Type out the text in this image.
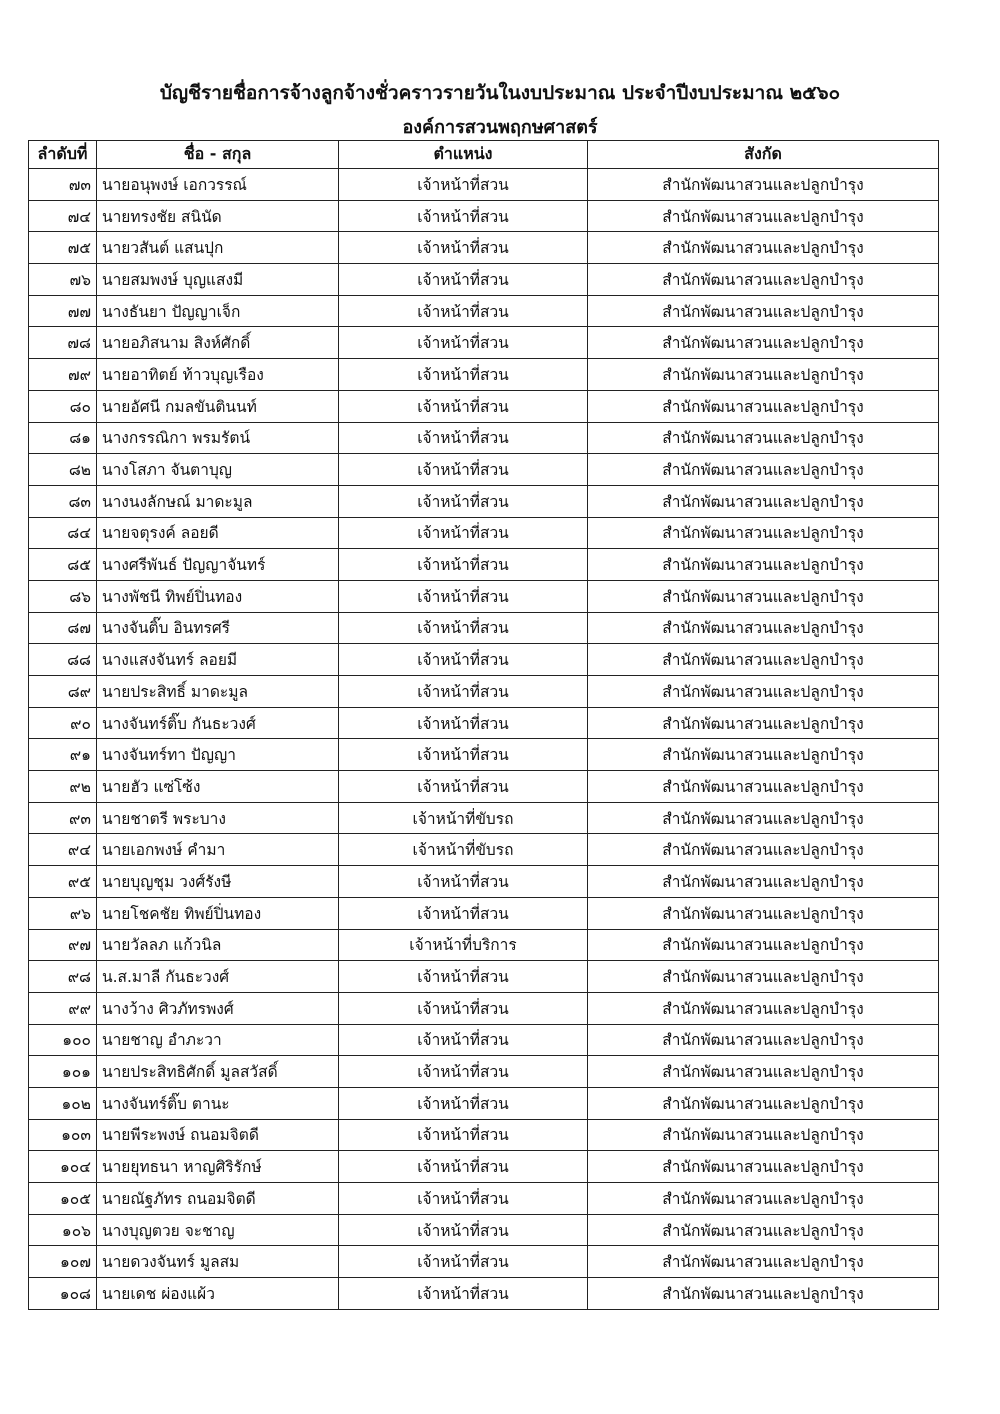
บัญชีรายชื่อการจ้างลูกจ้างชั่วคราวรายวันในงบประมาณ ประจำปีงบประมาณ ๒๕๖๐
องค์การสวนพฤกษศาสตร์
ลำดับที่	ชื่อ - สกุล	ตำแหน่ง	สังกัด
๗๓	นายอนุพงษ์ เอกวรรณ์	เจ้าหน้าที่สวน	สำนักพัฒนาสวนและปลูกบำรุง
๗๔	นายทรงชัย สนินัด	เจ้าหน้าที่สวน	สำนักพัฒนาสวนและปลูกบำรุง
๗๕	นายวสันต์ แสนปุก	เจ้าหน้าที่สวน	สำนักพัฒนาสวนและปลูกบำรุง
๗๖	นายสมพงษ์ บุญแสงมี	เจ้าหน้าที่สวน	สำนักพัฒนาสวนและปลูกบำรุง
๗๗	นางธันยา ปัญญาเจ็ก	เจ้าหน้าที่สวน	สำนักพัฒนาสวนและปลูกบำรุง
๗๘	นายอภิสนาม สิงห์ศักดิ์	เจ้าหน้าที่สวน	สำนักพัฒนาสวนและปลูกบำรุง
๗๙	นายอาทิตย์ ท้าวบุญเรือง	เจ้าหน้าที่สวน	สำนักพัฒนาสวนและปลูกบำรุง
๘๐	นายอัศนี กมลขันตินนท์	เจ้าหน้าที่สวน	สำนักพัฒนาสวนและปลูกบำรุง
๘๑	นางกรรณิกา พรมรัตน์	เจ้าหน้าที่สวน	สำนักพัฒนาสวนและปลูกบำรุง
๘๒	นางโสภา จันตาบุญ	เจ้าหน้าที่สวน	สำนักพัฒนาสวนและปลูกบำรุง
๘๓	นางนงลักษณ์ มาดะมูล	เจ้าหน้าที่สวน	สำนักพัฒนาสวนและปลูกบำรุง
๘๔	นายจตุรงค์ ลอยดี	เจ้าหน้าที่สวน	สำนักพัฒนาสวนและปลูกบำรุง
๘๕	นางศรีพันธ์ ปัญญาจันทร์	เจ้าหน้าที่สวน	สำนักพัฒนาสวนและปลูกบำรุง
๘๖	นางพัชนี ทิพย์ปิ่นทอง	เจ้าหน้าที่สวน	สำนักพัฒนาสวนและปลูกบำรุง
๘๗	นางจันติ๊บ อินทรศรี	เจ้าหน้าที่สวน	สำนักพัฒนาสวนและปลูกบำรุง
๘๘	นางแสงจันทร์ ลอยมี	เจ้าหน้าที่สวน	สำนักพัฒนาสวนและปลูกบำรุง
๘๙	นายประสิทธิ์ มาดะมูล	เจ้าหน้าที่สวน	สำนักพัฒนาสวนและปลูกบำรุง
๙๐	นางจันทร์ติ๊บ กันธะวงศ์	เจ้าหน้าที่สวน	สำนักพัฒนาสวนและปลูกบำรุง
๙๑	นางจันทร์ทา ปัญญา	เจ้าหน้าที่สวน	สำนักพัฒนาสวนและปลูกบำรุง
๙๒	นายฮัว แซ่โซ้ง	เจ้าหน้าที่สวน	สำนักพัฒนาสวนและปลูกบำรุง
๙๓	นายชาตรี พระบาง	เจ้าหน้าที่ขับรถ	สำนักพัฒนาสวนและปลูกบำรุง
๙๔	นายเอกพงษ์ คำมา	เจ้าหน้าที่ขับรถ	สำนักพัฒนาสวนและปลูกบำรุง
๙๕	นายบุญชุม วงศ์รังษี	เจ้าหน้าที่สวน	สำนักพัฒนาสวนและปลูกบำรุง
๙๖	นายโชคชัย ทิพย์ปิ่นทอง	เจ้าหน้าที่สวน	สำนักพัฒนาสวนและปลูกบำรุง
๙๗	นายวัลลภ แก้วนิล	เจ้าหน้าที่บริการ	สำนักพัฒนาสวนและปลูกบำรุง
๙๘	น.ส.มาลี กันธะวงศ์	เจ้าหน้าที่สวน	สำนักพัฒนาสวนและปลูกบำรุง
๙๙	นางว้าง ศิวภัทรพงศ์	เจ้าหน้าที่สวน	สำนักพัฒนาสวนและปลูกบำรุง
๑๐๐	นายชาญ อำภะวา	เจ้าหน้าที่สวน	สำนักพัฒนาสวนและปลูกบำรุง
๑๐๑	นายประสิทธิศักดิ์ มูลสวัสดิ์	เจ้าหน้าที่สวน	สำนักพัฒนาสวนและปลูกบำรุง
๑๐๒	นางจันทร์ติ๊บ ตานะ	เจ้าหน้าที่สวน	สำนักพัฒนาสวนและปลูกบำรุง
๑๐๓	นายพีระพงษ์ ถนอมจิตดี	เจ้าหน้าที่สวน	สำนักพัฒนาสวนและปลูกบำรุง
๑๐๔	นายยุทธนา หาญศิริรักษ์	เจ้าหน้าที่สวน	สำนักพัฒนาสวนและปลูกบำรุง
๑๐๕	นายณัฐภัทร ถนอมจิตดี	เจ้าหน้าที่สวน	สำนักพัฒนาสวนและปลูกบำรุง
๑๐๖	นางบุญตวย จะชาญ	เจ้าหน้าที่สวน	สำนักพัฒนาสวนและปลูกบำรุง
๑๐๗	นายดวงจันทร์ มูลสม	เจ้าหน้าที่สวน	สำนักพัฒนาสวนและปลูกบำรุง
๑๐๘	นายเดช ผ่องแผ้ว	เจ้าหน้าที่สวน	สำนักพัฒนาสวนและปลูกบำรุง
